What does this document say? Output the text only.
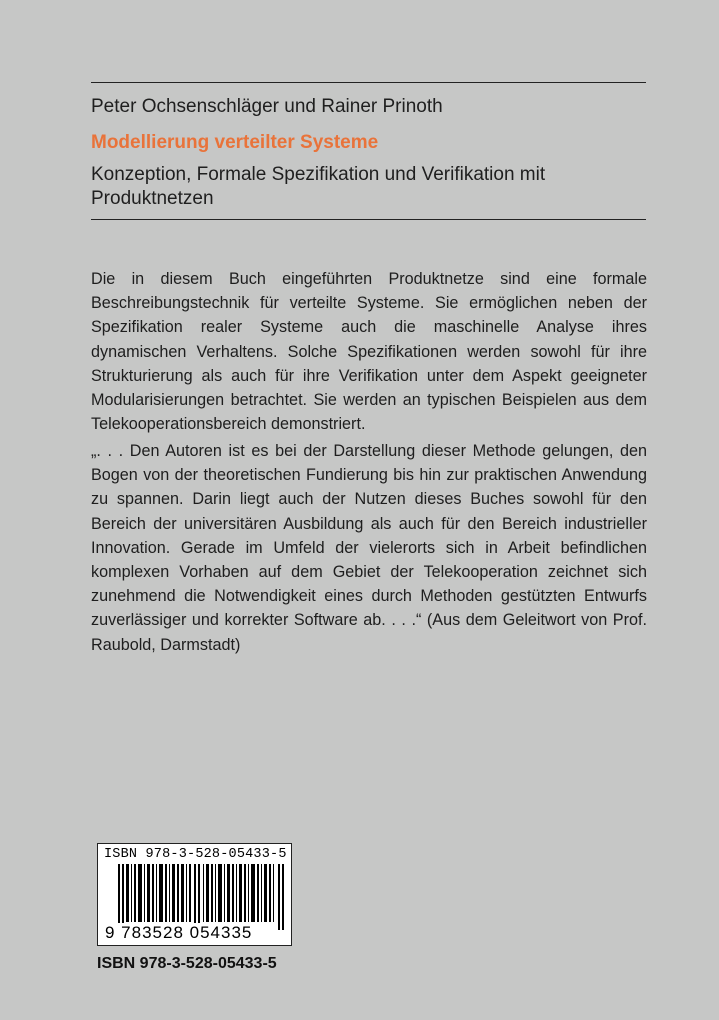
Peter Ochsenschläger und Rainer Prinoth
Modellierung verteilter Systeme
Konzeption, Formale Spezifikation und Verifikation mit Produktnetzen
Die in diesem Buch eingeführten Produktnetze sind eine formale Beschreibungstechnik für verteilte Systeme. Sie ermöglichen neben der Spezifikation realer Systeme auch die maschinelle Analyse ihres dynamischen Verhaltens. Solche Spezifikationen werden sowohl für ihre Strukturierung als auch für ihre Verifikation unter dem Aspekt geeigneter Modularisierungen betrachtet. Sie werden an typischen Beispielen aus dem Telekooperationsbereich demonstriert.
„. . . Den Autoren ist es bei der Darstellung dieser Methode gelungen, den Bogen von der theoretischen Fundierung bis hin zur praktischen Anwendung zu spannen. Darin liegt auch der Nutzen dieses Buches sowohl für den Bereich der universitären Ausbildung als auch für den Bereich industrieller Innovation. Gerade im Umfeld der vielerorts sich in Arbeit befindlichen komplexen Vorhaben auf dem Gebiet der Telekooperation zeichnet sich zunehmend die Notwendigkeit eines durch Methoden gestützten Entwurfs zuverlässiger und korrekter Software ab. . . .“ (Aus dem Geleitwort von Prof. Raubold, Darmstadt)
ISBN 978-3-528-05433-5
9 783528 054335
ISBN 978-3-528-05433-5
